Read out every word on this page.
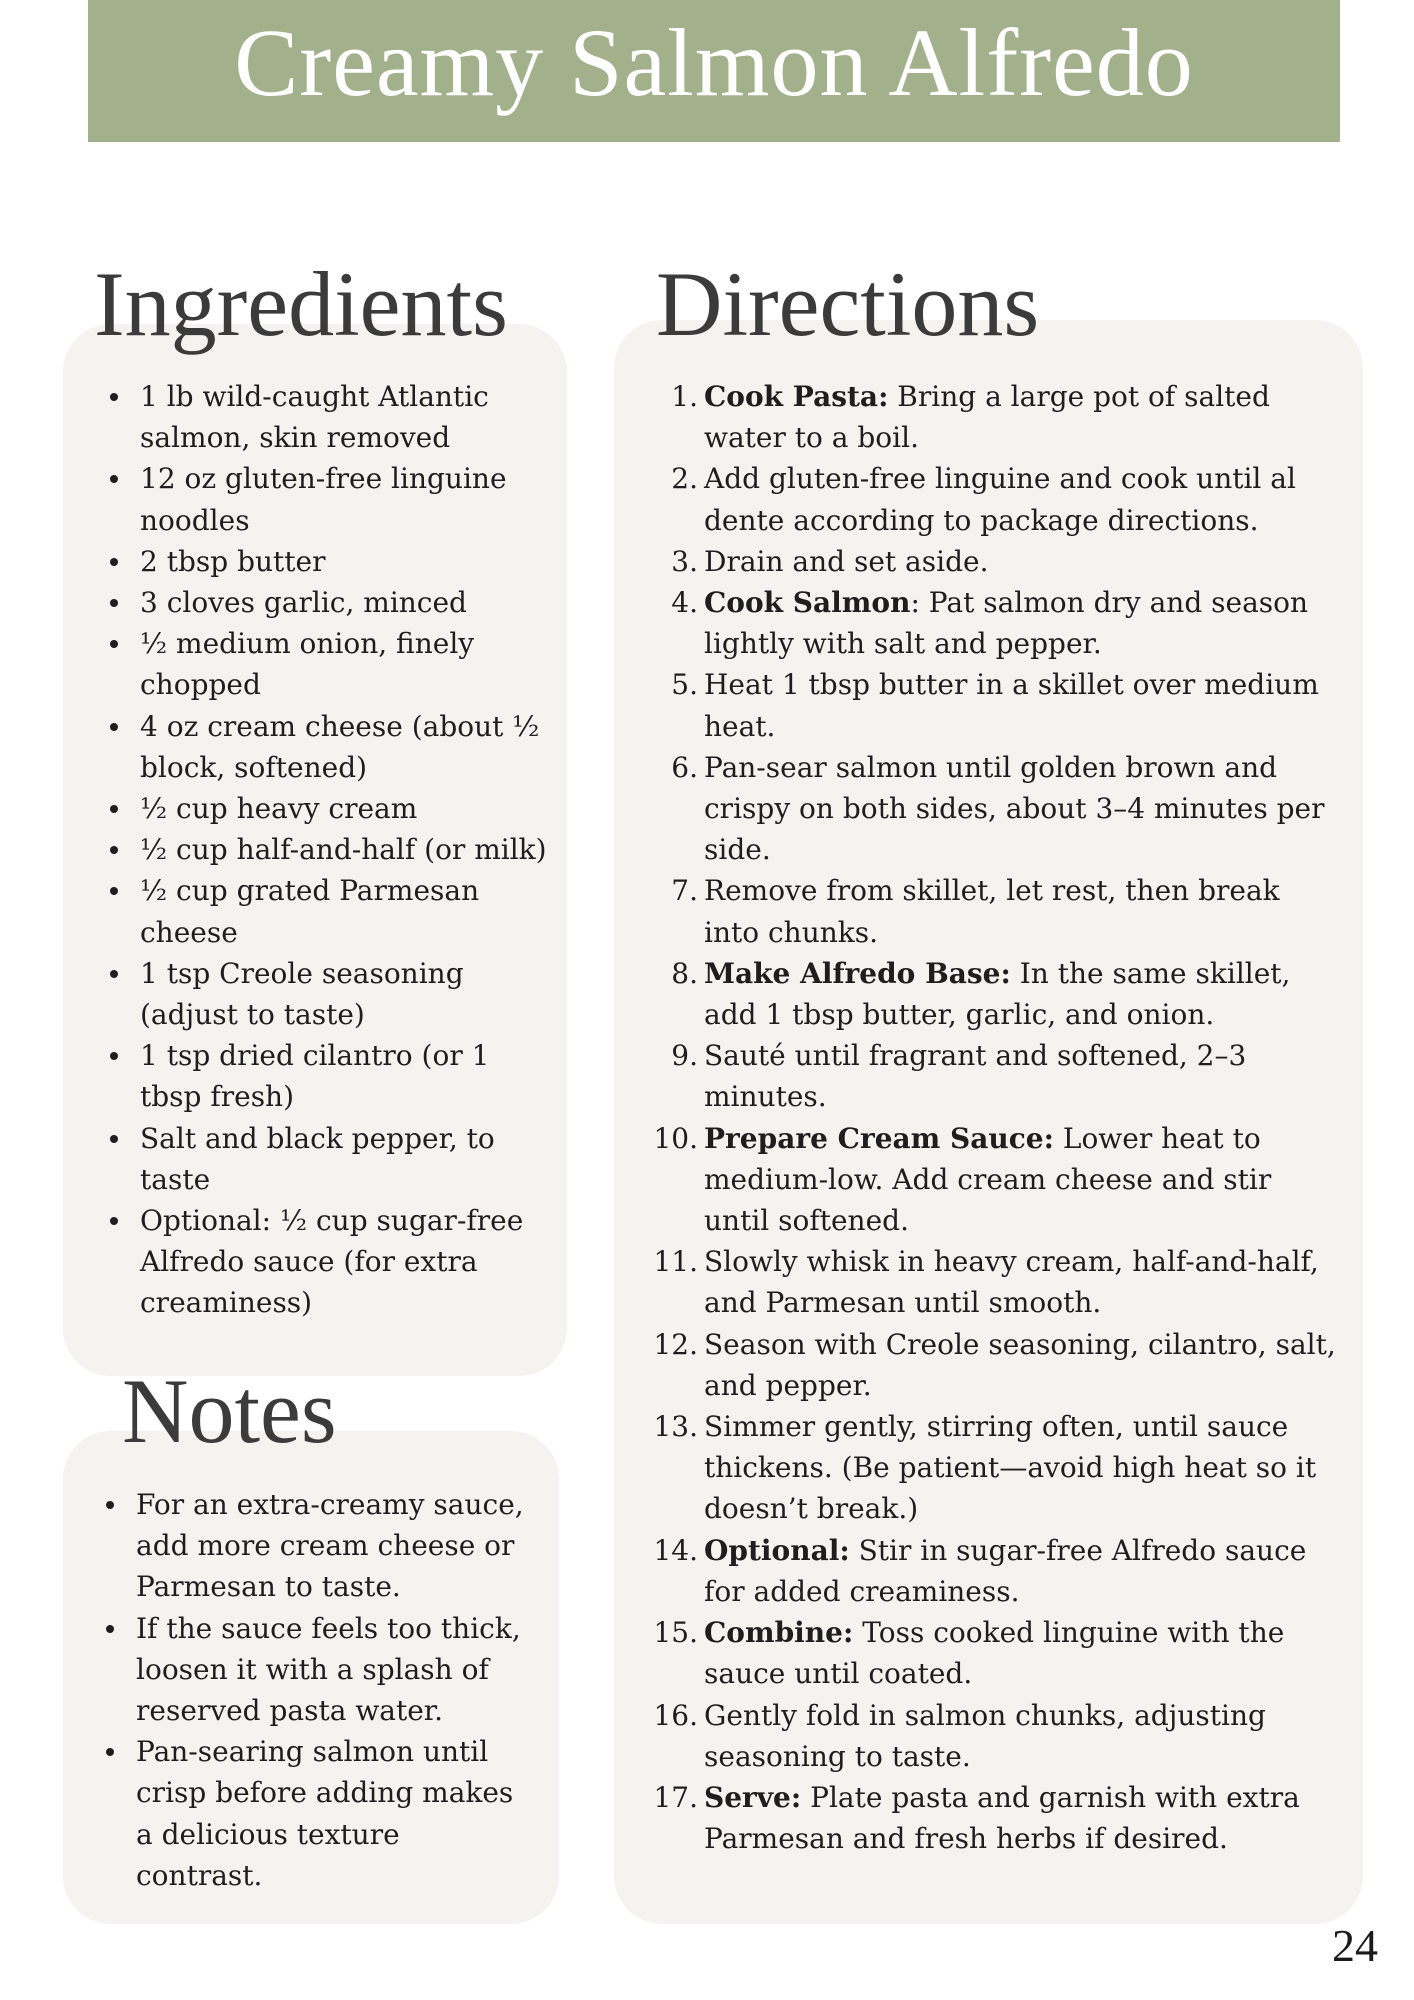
Creamy Salmon Alfredo
Ingredients Directions
Notes
1 lb wild-caught Atlantic salmon, skin removed
12 oz gluten-free linguine noodles
2 tbsp butter
3 cloves garlic, minced
½ medium onion, finely chopped
4 oz cream cheese (about ½ block, softened)
½ cup heavy cream
½ cup half-and-half (or milk)
½ cup grated Parmesan cheese
1 tsp Creole seasoning (adjust to taste)
1 tsp dried cilantro (or 1 tbsp fresh)
Salt and black pepper, to taste
Optional: ½ cup sugar-free Alfredo sauce (for extra creaminess)
For an extra-creamy sauce, add more cream cheese or Parmesan to taste.
If the sauce feels too thick, loosen it with a splash of reserved pasta water.
Pan-searing salmon until crisp before adding makes a delicious texture contrast.
1. Cook Pasta: Bring a large pot of salted water to a boil.
2. Add gluten-free linguine and cook until al dente according to package directions.
3. Drain and set aside.
4. Cook Salmon: Pat salmon dry and season lightly with salt and pepper.
5. Heat 1 tbsp butter in a skillet over medium heat.
6. Pan-sear salmon until golden brown and crispy on both sides, about 3–4 minutes per side.
7. Remove from skillet, let rest, then break into chunks.
8. Make Alfredo Base: In the same skillet, add 1 tbsp butter, garlic, and onion.
9. Sauté until fragrant and softened, 2–3 minutes.
10. Prepare Cream Sauce: Lower heat to medium-low. Add cream cheese and stir until softened.
11. Slowly whisk in heavy cream, half-and-half, and Parmesan until smooth.
12. Season with Creole seasoning, cilantro, salt, and pepper.
13. Simmer gently, stirring often, until sauce thickens. (Be patient—avoid high heat so it doesn’t break.)
14. Optional: Stir in sugar-free Alfredo sauce for added creaminess.
15. Combine: Toss cooked linguine with the sauce until coated.
16. Gently fold in salmon chunks, adjusting seasoning to taste.
17. Serve: Plate pasta and garnish with extra Parmesan and fresh herbs if desired.

24
